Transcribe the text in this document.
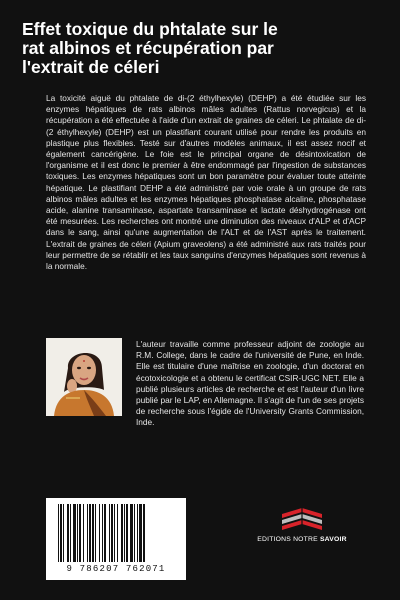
Effet toxique du phtalate sur le
rat albinos et récupération par
l'extrait de céleri

La toxicité aiguë du phtalate de di-(2 éthylhexyle) (DEHP) a été étudiée sur les enzymes hépatiques de rats albinos mâles adultes (Rattus norvegicus) et la récupération a été effectuée à l'aide d'un extrait de graines de céleri. Le phtalate de di-(2 éthylhexyle) (DEHP) est un plastifiant courant utilisé pour rendre les produits en plastique plus flexibles. Testé sur d'autres modèles animaux, il est assez nocif et également cancérigène. Le foie est le principal organe de désintoxication de l'organisme et il est donc le premier à être endommagé par l'ingestion de substances toxiques. Les enzymes hépatiques sont un bon paramètre pour évaluer toute atteinte hépatique. Le plastifiant DEHP a été administré par voie orale à un groupe de rats albinos mâles adultes et les enzymes hépatiques phosphatase alcaline, phosphatase acide, alanine transaminase, aspartate transaminase et lactate déshydrogénase ont été mesurées. Les recherches ont montré une diminution des niveaux d'ALP et d'ACP dans le sang, ainsi qu'une augmentation de l'ALT et de l'AST après le traitement. L'extrait de graines de céleri (Apium graveolens) a été administré aux rats traités pour leur permettre de se rétablir et les taux sanguins d'enzymes hépatiques sont revenus à la normale.

L'auteur travaille comme professeur adjoint de zoologie au R.M. College, dans le cadre de l'université de Pune, en Inde. Elle est titulaire d'une maîtrise en zoologie, d'un doctorat en écotoxicologie et a obtenu le certificat CSIR-UGC NET. Elle a publié plusieurs articles de recherche et est l'auteur d'un livre publié par le LAP, en Allemagne. Il s'agit de l'un de ses projets de recherche sous l'égide de l'University Grants Commission, Inde.

EDITIONS NOTRE SAVOIR
9 786207 762071
